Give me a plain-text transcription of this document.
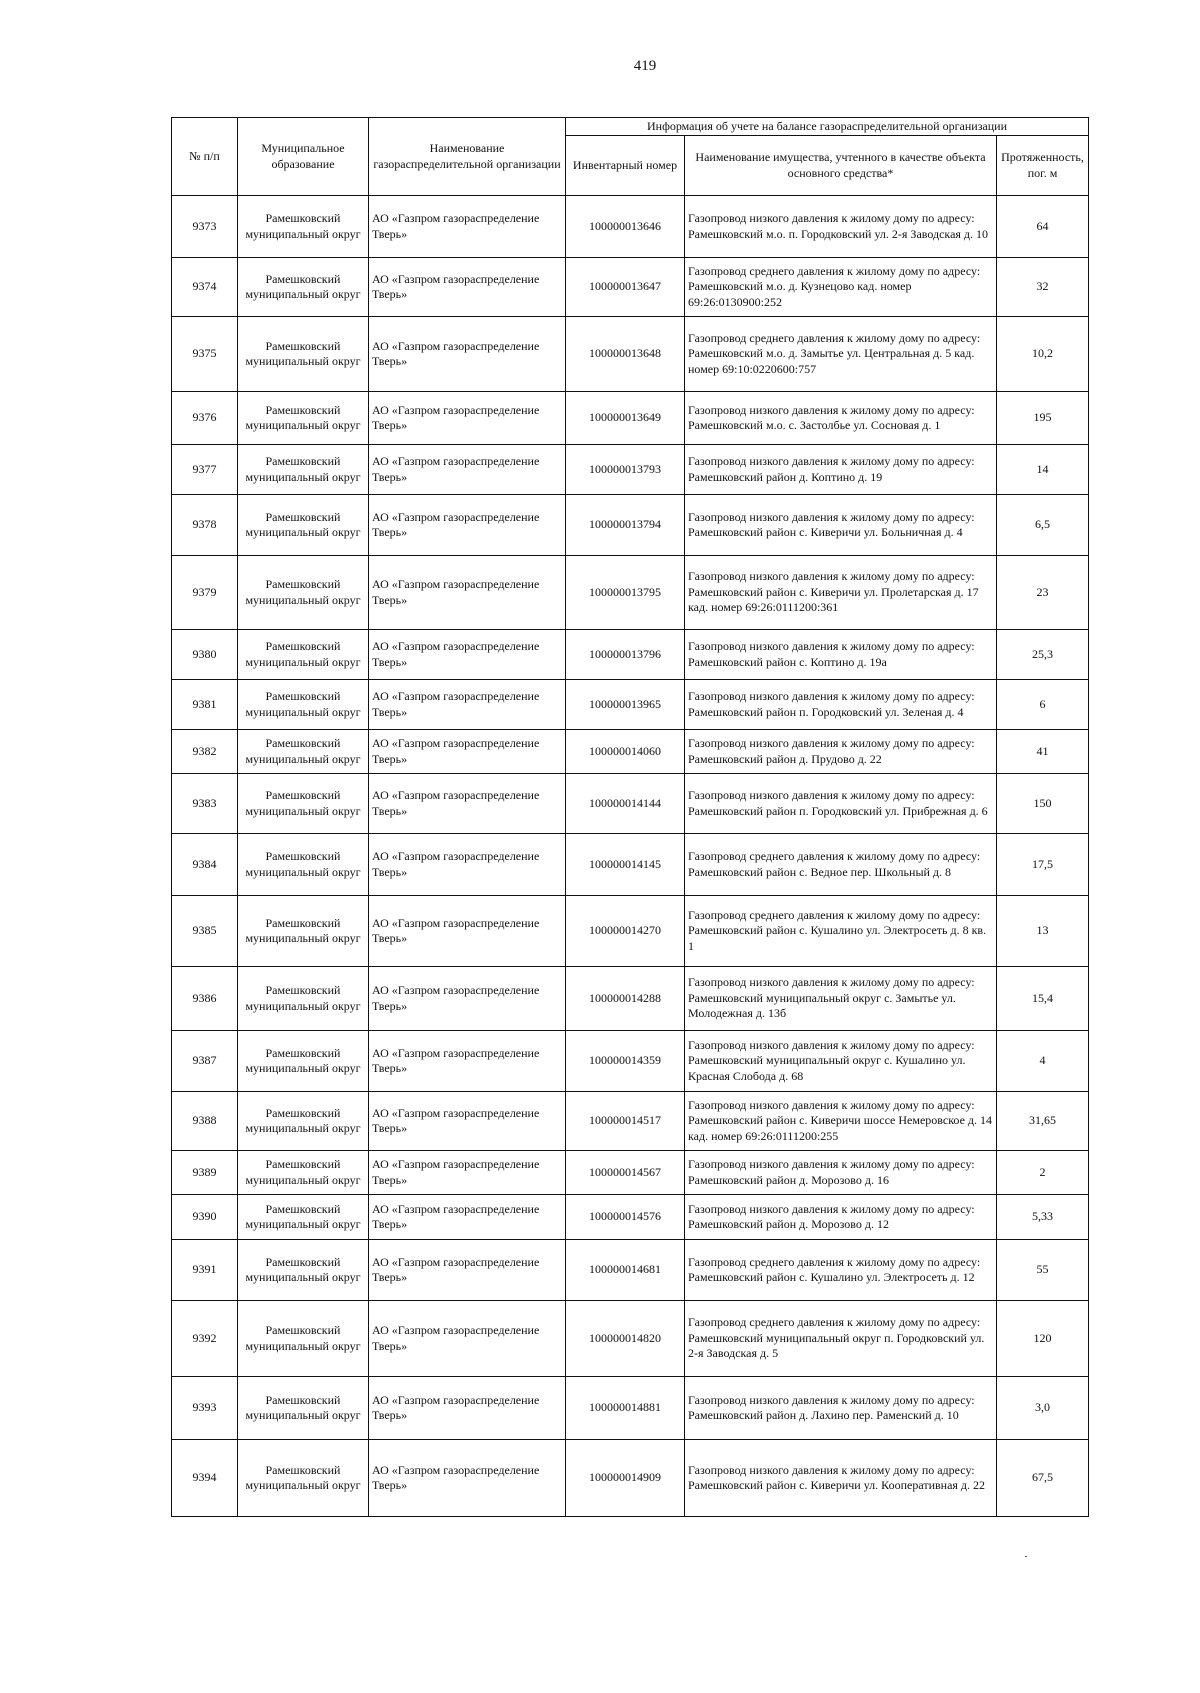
419
№ п/п	Муниципальное образование	Наименование газораспределительной организации	Информация об учете на балансе газораспределительной организации		
			Инвентарный номер	Наименование имущества, учтенного в качестве объекта основного средства*	Протяженность, пог. м
9373	Рамешковский муниципальный округ	АО «Газпром газораспределение Тверь»	100000013646	Газопровод низкого давления к жилому дому по адресу: Рамешковский м.о. п. Городковский ул. 2-я Заводская д. 10	64
9374	Рамешковский муниципальный округ	АО «Газпром газораспределение Тверь»	100000013647	Газопровод среднего давления к жилому дому по адресу: Рамешковский м.о. д. Кузнецово кад. номер 69:26:0130900:252	32
9375	Рамешковский муниципальный округ	АО «Газпром газораспределение Тверь»	100000013648	Газопровод среднего давления к жилому дому по адресу: Рамешковский м.о. д. Замытье ул. Центральная д. 5 кад. номер 69:10:0220600:757	10,2
9376	Рамешковский муниципальный округ	АО «Газпром газораспределение Тверь»	100000013649	Газопровод низкого давления к жилому дому по адресу: Рамешковский м.о. с. Застолбье ул. Сосновая д. 1	195
9377	Рамешковский муниципальный округ	АО «Газпром газораспределение Тверь»	100000013793	Газопровод низкого давления к жилому дому по адресу: Рамешковский район д. Коптино д. 19	14
9378	Рамешковский муниципальный округ	АО «Газпром газораспределение Тверь»	100000013794	Газопровод низкого давления к жилому дому по адресу: Рамешковский район с. Киверичи ул. Больничная д. 4	6,5
9379	Рамешковский муниципальный округ	АО «Газпром газораспределение Тверь»	100000013795	Газопровод низкого давления к жилому дому по адресу: Рамешковский район с. Киверичи ул. Пролетарская д. 17 кад. номер 69:26:0111200:361	23
9380	Рамешковский муниципальный округ	АО «Газпром газораспределение Тверь»	100000013796	Газопровод низкого давления к жилому дому по адресу: Рамешковский район с. Коптино д. 19а	25,3
9381	Рамешковский муниципальный округ	АО «Газпром газораспределение Тверь»	100000013965	Газопровод низкого давления к жилому дому по адресу: Рамешковский район п. Городковский ул. Зеленая д. 4	6
9382	Рамешковский муниципальный округ	АО «Газпром газораспределение Тверь»	100000014060	Газопровод низкого давления к жилому дому по адресу: Рамешковский район д. Прудово д. 22	41
9383	Рамешковский муниципальный округ	АО «Газпром газораспределение Тверь»	100000014144	Газопровод низкого давления к жилому дому по адресу: Рамешковский район п. Городковский ул. Прибрежная д. 6	150
9384	Рамешковский муниципальный округ	АО «Газпром газораспределение Тверь»	100000014145	Газопровод среднего давления к жилому дому по адресу: Рамешковский район с. Ведное пер. Школьный д. 8	17,5
9385	Рамешковский муниципальный округ	АО «Газпром газораспределение Тверь»	100000014270	Газопровод среднего давления к жилому дому по адресу: Рамешковский район с. Кушалино ул. Электросеть д. 8 кв. 1	13
9386	Рамешковский муниципальный округ	АО «Газпром газораспределение Тверь»	100000014288	Газопровод низкого давления к жилому дому по адресу: Рамешковский муниципальный округ с. Замытье ул. Молодежная д. 13б	15,4
9387	Рамешковский муниципальный округ	АО «Газпром газораспределение Тверь»	100000014359	Газопровод низкого давления к жилому дому по адресу: Рамешковский муниципальный округ с. Кушалино ул. Красная Слобода д. 68	4
9388	Рамешковский муниципальный округ	АО «Газпром газораспределение Тверь»	100000014517	Газопровод низкого давления к жилому дому по адресу: Рамешковский район с. Киверичи шоссе Немеровское д. 14 кад. номер 69:26:0111200:255	31,65
9389	Рамешковский муниципальный округ	АО «Газпром газораспределение Тверь»	100000014567	Газопровод низкого давления к жилому дому по адресу: Рамешковский район д. Морозово д. 16	2
9390	Рамешковский муниципальный округ	АО «Газпром газораспределение Тверь»	100000014576	Газопровод низкого давления к жилому дому по адресу: Рамешковский район д. Морозово д. 12	5,33
9391	Рамешковский муниципальный округ	АО «Газпром газораспределение Тверь»	100000014681	Газопровод среднего давления к жилому дому по адресу: Рамешковский район с. Кушалино ул. Электросеть д. 12	55
9392	Рамешковский муниципальный округ	АО «Газпром газораспределение Тверь»	100000014820	Газопровод среднего давления к жилому дому по адресу: Рамешковский муниципальный округ п. Городковский ул. 2-я Заводская д. 5	120
9393	Рамешковский муниципальный округ	АО «Газпром газораспределение Тверь»	100000014881	Газопровод низкого давления к жилому дому по адресу: Рамешковский район д. Лахино пер. Раменский д. 10	3,0
9394	Рамешковский муниципальный округ	АО «Газпром газораспределение Тверь»	100000014909	Газопровод низкого давления к жилому дому по адресу: Рамешковский район с. Киверичи ул. Кооперативная д. 22	67,5
